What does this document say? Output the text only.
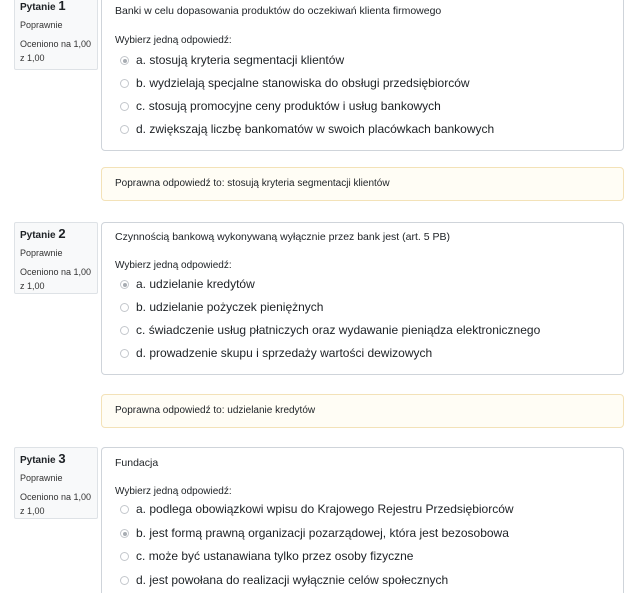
Pytanie 1
Poprawnie
Oceniono na 1,00 z 1,00
Banki w celu dopasowania produktów do oczekiwań klienta firmowego
Wybierz jedną odpowiedź:
a. stosują kryteria segmentacji klientów
b. wydzielają specjalne stanowiska do obsługi przedsiębiorców
c. stosują promocyjne ceny produktów i usług bankowych
d. zwiększają liczbę bankomatów w swoich placówkach bankowych
Poprawna odpowiedź to: stosują kryteria segmentacji klientów
Pytanie 2
Poprawnie
Oceniono na 1,00 z 1,00
Czynnością bankową wykonywaną wyłącznie przez bank jest (art. 5 PB)
Wybierz jedną odpowiedź:
a. udzielanie kredytów
b. udzielanie pożyczek pieniężnych
c. świadczenie usług płatniczych oraz wydawanie pieniądza elektronicznego
d. prowadzenie skupu i sprzedaży wartości dewizowych
Poprawna odpowiedź to: udzielanie kredytów
Pytanie 3
Poprawnie
Oceniono na 1,00 z 1,00
Fundacja
Wybierz jedną odpowiedź:
a. podlega obowiązkowi wpisu do Krajowego Rejestru Przedsiębiorców
b. jest formą prawną organizacji pozarządowej, która jest bezosobowa
c. może być ustanawiana tylko przez osoby fizyczne
d. jest powołana do realizacji wyłącznie celów społecznych
